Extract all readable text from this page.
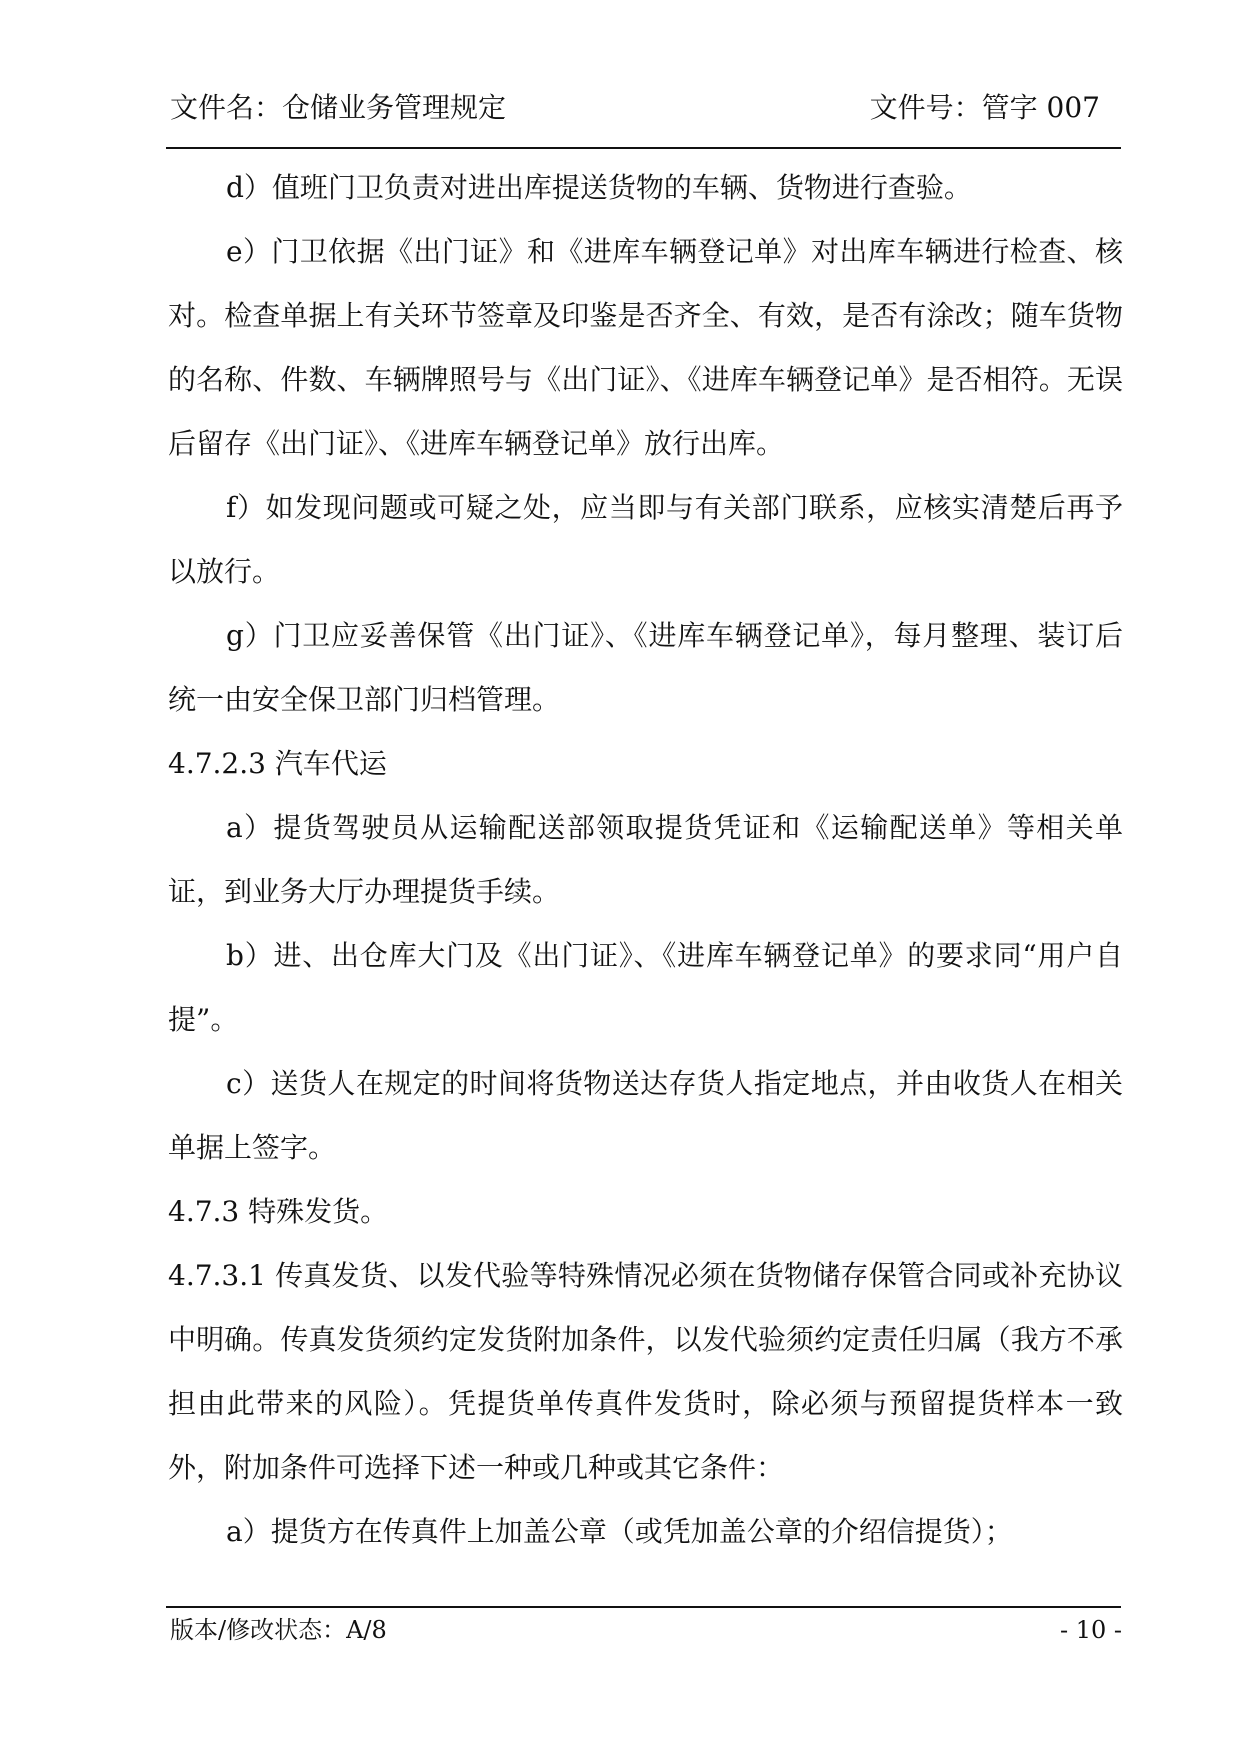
文件名：仓储业务管理规定	文件号：管字 007

d）值班门卫负责对进出库提送货物的车辆、货物进行查验。

e）门卫依据《出门证》和《进库车辆登记单》对出库车辆进行检查、核对。检查单据上有关环节签章及印鉴是否齐全、有效，是否有涂改；随车货物的名称、件数、车辆牌照号与《出门证》、《进库车辆登记单》是否相符。无误后留存《出门证》、《进库车辆登记单》放行出库。

f）如发现问题或可疑之处，应当即与有关部门联系，应核实清楚后再予以放行。

g）门卫应妥善保管《出门证》、《进库车辆登记单》，每月整理、装订后统一由安全保卫部门归档管理。

4.7.2.3 汽车代运

a）提货驾驶员从运输配送部领取提货凭证和《运输配送单》等相关单证，到业务大厅办理提货手续。

b）进、出仓库大门及《出门证》、《进库车辆登记单》的要求同“用户自提”。

c）送货人在规定的时间将货物送达存货人指定地点，并由收货人在相关单据上签字。

4.7.3 特殊发货。

4.7.3.1 传真发货、以发代验等特殊情况必须在货物储存保管合同或补充协议中明确。传真发货须约定发货附加条件，以发代验须约定责任归属（我方不承担由此带来的风险）。凭提货单传真件发货时，除必须与预留提货样本一致外，附加条件可选择下述一种或几种或其它条件：

a）提货方在传真件上加盖公章（或凭加盖公章的介绍信提货）；

版本/修改状态：A/8	- 10 -
